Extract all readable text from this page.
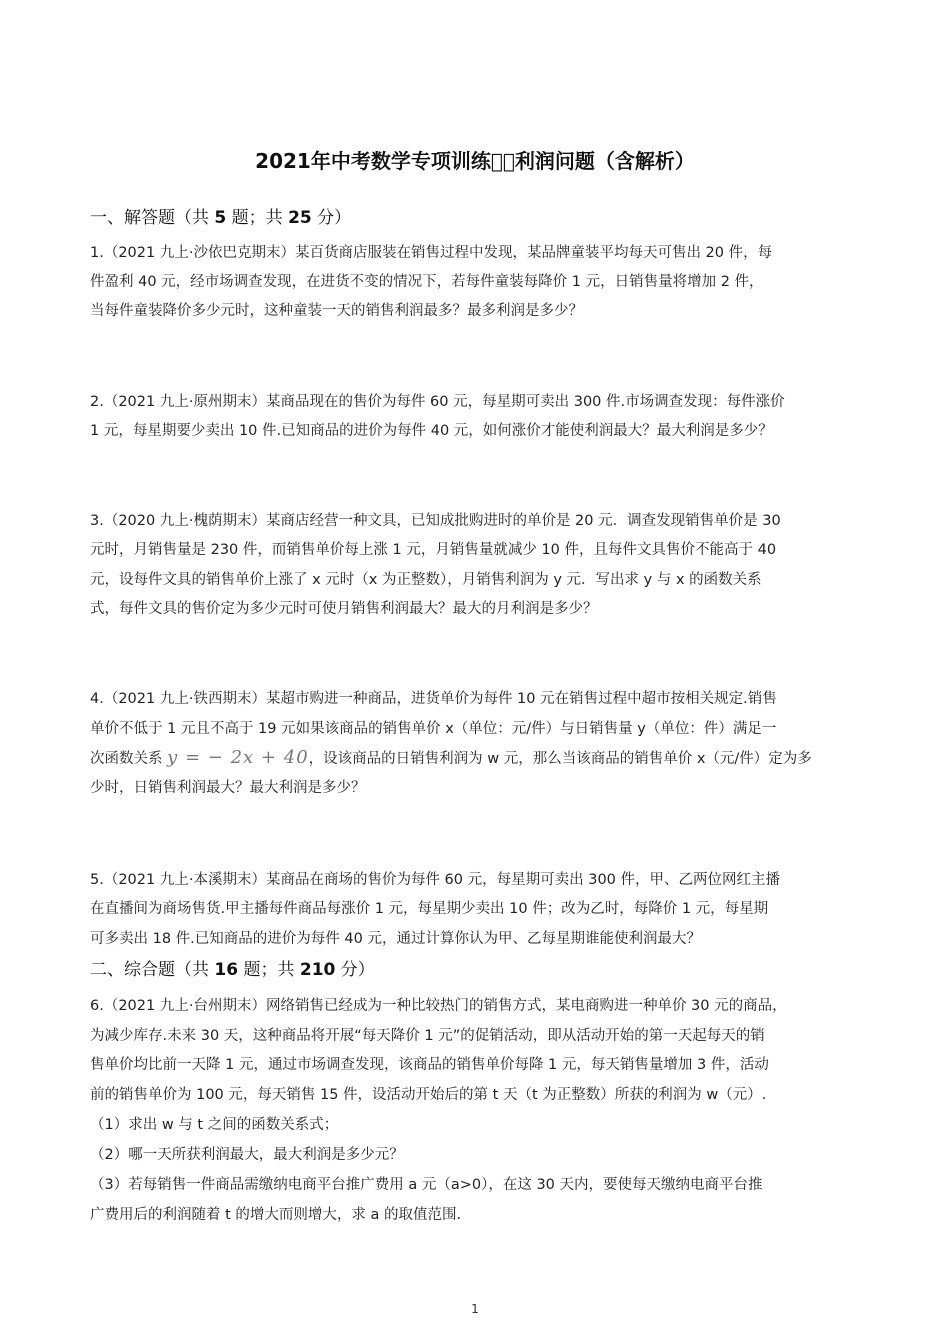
2021年中考数学专项训练  利润问题（含解析）
一、解答题（共 5 题；共 25 分）
1.（2021 九上·沙依巴克期末）某百货商店服装在销售过程中发现，某品牌童装平均每天可售出 20 件，每
件盈利 40 元，经市场调查发现，在进货不变的情况下，若每件童装每降价 1 元，日销售量将增加 2 件，
当每件童装降价多少元时，这种童装一天的销售利润最多？最多利润是多少？
2.（2021 九上·原州期末）某商品现在的售价为每件 60 元，每星期可卖出 300 件.市场调查发现：每件涨价
1 元，每星期要少卖出 10 件.已知商品的进价为每件 40 元，如何涨价才能使利润最大？最大利润是多少？
3.（2020 九上·槐荫期末）某商店经营一种文具，已知成批购进时的单价是 20 元．调查发现销售单价是 30
元时，月销售量是 230 件，而销售单价每上涨 1 元，月销售量就减少 10 件，且每件文具售价不能高于 40
元，设每件文具的销售单价上涨了 x 元时（x 为正整数），月销售利润为 y 元．写出求 y 与 x 的函数关系
式，每件文具的售价定为多少元时可使月销售利润最大？最大的月利润是多少？
4.（2021 九上·铁西期末）某超市购进一种商品，进货单价为每件 10 元在销售过程中超市按相关规定.销售
单价不低于 1 元且不高于 19 元如果该商品的销售单价 x（单位：元/件）与日销售量 y（单位：件）满足一
次函数关系 y = − 2x + 40，设该商品的日销售利润为 w 元，那么当该商品的销售单价 x（元/件）定为多
少时，日销售利润最大？最大利润是多少？
5.（2021 九上·本溪期末）某商品在商场的售价为每件 60 元，每星期可卖出 300 件，甲、乙两位网红主播
在直播间为商场售货.甲主播每件商品每涨价 1 元，每星期少卖出 10 件；改为乙时，每降价 1 元，每星期
可多卖出 18 件.已知商品的进价为每件 40 元，通过计算你认为甲、乙每星期谁能使利润最大？
二、综合题（共 16 题；共 210 分）
6.（2021 九上·台州期末）网络销售已经成为一种比较热门的销售方式，某电商购进一种单价 30 元的商品，
为减少库存.未来 30 天，这种商品将开展“每天降价 1 元”的促销活动，即从活动开始的第一天起每天的销
售单价均比前一天降 1 元，通过市场调查发现，该商品的销售单价每降 1 元，每天销售量增加 3 件，活动
前的销售单价为 100 元，每天销售 15 件，设活动开始后的第 t 天（t 为正整数）所获的利润为 w（元）.
（1）求出 w 与 t 之间的函数关系式；
（2）哪一天所获利润最大，最大利润是多少元？
（3）若每销售一件商品需缴纳电商平台推广费用 a 元（a>0），在这 30 天内，要使每天缴纳电商平台推
广费用后的利润随着 t 的增大而则增大，求 a 的取值范围.
1
